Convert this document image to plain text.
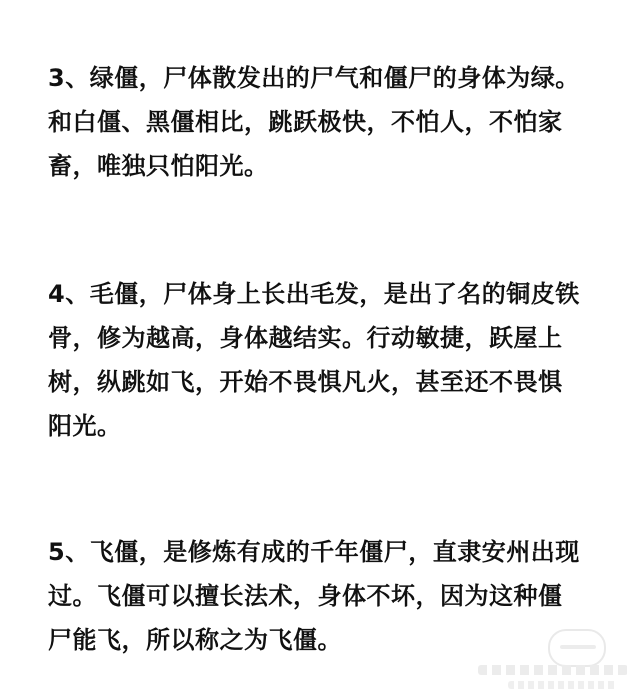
3、绿僵，尸体散发出的尸气和僵尸的身体为绿。
和白僵、黑僵相比，跳跃极快，不怕人，不怕家
畜，唯独只怕阳光。

4、毛僵，尸体身上长出毛发，是出了名的铜皮铁
骨，修为越高，身体越结实。行动敏捷，跃屋上
树，纵跳如飞，开始不畏惧凡火，甚至还不畏惧
阳光。

5、飞僵，是修炼有成的千年僵尸，直隶安州出现
过。飞僵可以擅长法术，身体不坏，因为这种僵
尸能飞，所以称之为飞僵。
